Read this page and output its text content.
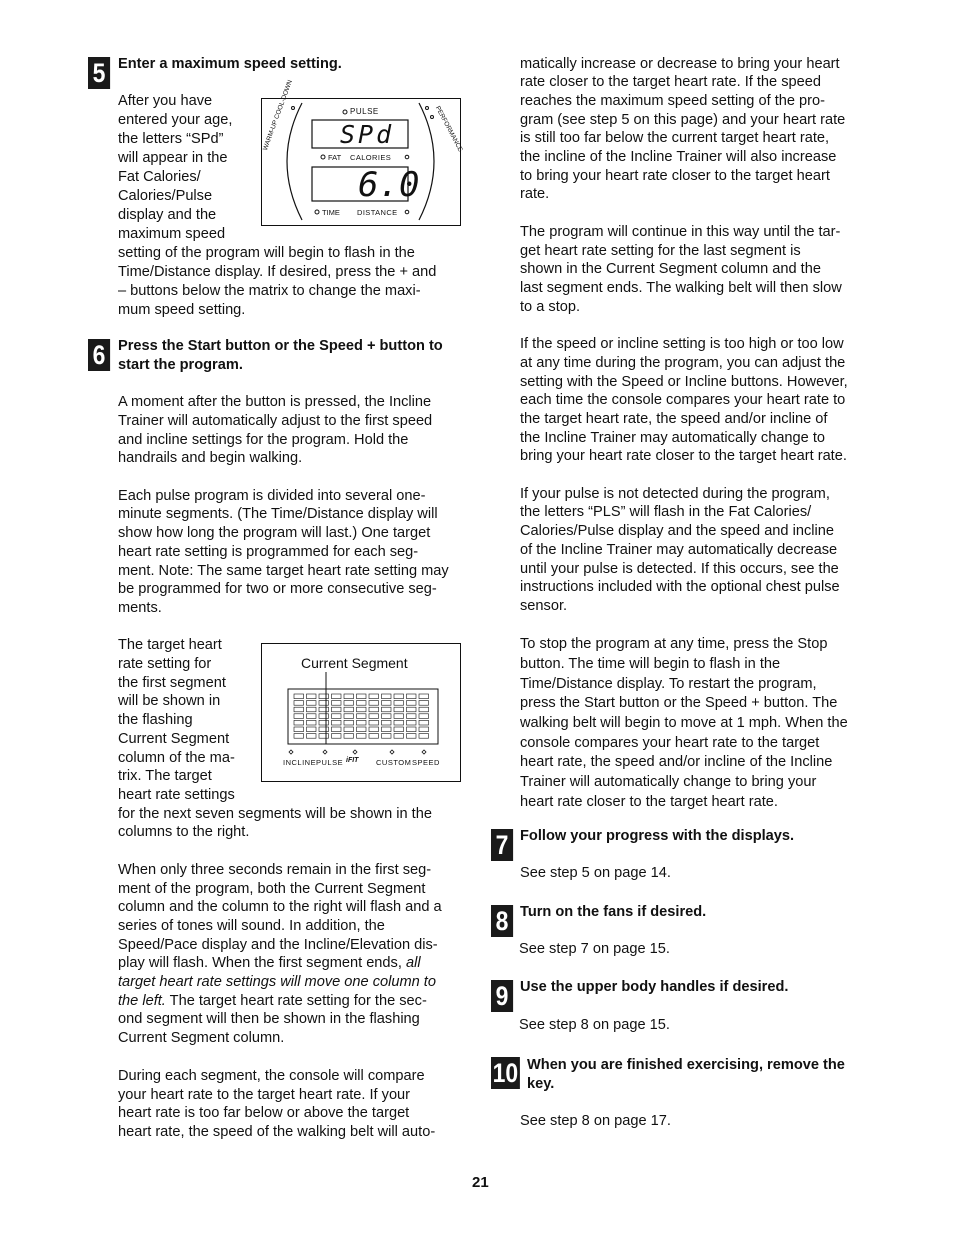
5 Enter a maximum speed setting.

After you have

entered your age,

the letters “SPd”

will appear in the

Fat Calories/

Calories/Pulse

display and the

maximum speed

setting of the program will begin to flash in the

Time/Distance display. If desired, press the + and

– buttons below the matrix to change the maxi-

mum speed setting.

PULSE
FAT CALORIES
TIME DISTANCE
WARM-UP COOL-DOWN	PERFORMANCE
SPd
6.0
6 Press the Start button or the Speed + button to

start the program.

A moment after the button is pressed, the Incline

Trainer will automatically adjust to the first speed

and incline settings for the program. Hold the

handrails and begin walking.

Each pulse program is divided into several one-

minute segments. (The Time/Distance display will

show how long the program will last.) One target

heart rate setting is programmed for each seg-

ment. Note: The same target heart rate setting may

be programmed for two or more consecutive seg-

ments.

The target heart

rate setting for

the first segment

will be shown in

the flashing

Current Segment

column of the ma-

trix. The target

heart rate settings

for the next seven segments will be shown in the

columns to the right.

Current Segment
INCLINE PULSE iFIT CUSTOM SPEED

When only three seconds remain in the first seg-

ment of the program, both the Current Segment

column and the column to the right will flash and a

series of tones will sound. In addition, the

Speed/Pace display and the Incline/Elevation dis-

play will flash. When the first segment ends, all

target heart rate settings will move one column to

the left. The target heart rate setting for the sec-

ond segment will then be shown in the flashing

Current Segment column.

During each segment, the console will compare

your heart rate to the target heart rate. If your

heart rate is too far below or above the target

heart rate, the speed of the walking belt will auto-

matically increase or decrease to bring your heart

rate closer to the target heart rate. If the speed

reaches the maximum speed setting of the pro-

gram (see step 5 on this page) and your heart rate

is still too far below the current target heart rate,

the incline of the Incline Trainer will also increase

to bring your heart rate closer to the target heart

rate.

The program will continue in this way until the tar-

get heart rate setting for the last segment is

shown in the Current Segment column and the

last segment ends. The walking belt will then slow

to a stop.

If the speed or incline setting is too high or too low

at any time during the program, you can adjust the

setting with the Speed or Incline buttons. However,

each time the console compares your heart rate to

the target heart rate, the speed and/or incline of

the Incline Trainer may automatically change to

bring your heart rate closer to the target heart rate.

If your pulse is not detected during the program,

the letters “PLS” will flash in the Fat Calories/

Calories/Pulse display and the speed and incline

of the Incline Trainer may automatically decrease

until your pulse is detected. If this occurs, see the

instructions included with the optional chest pulse

sensor.

To stop the program at any time, press the Stop

button. The time will begin to flash in the

Time/Distance display. To restart the program,

press the Start button or the Speed + button. The

walking belt will begin to move at 1 mph. When the

console compares your heart rate to the target

heart rate, the speed and/or incline of the Incline

Trainer will automatically change to bring your

heart rate closer to the target heart rate.

7 Follow your progress with the displays.

See step 5 on page 14.

8 Turn on the fans if desired.

See step 7 on page 15.

9 Use the upper body handles if desired.

See step 8 on page 15.

10 When you are finished exercising, remove the

key.

See step 8 on page 17.

21
